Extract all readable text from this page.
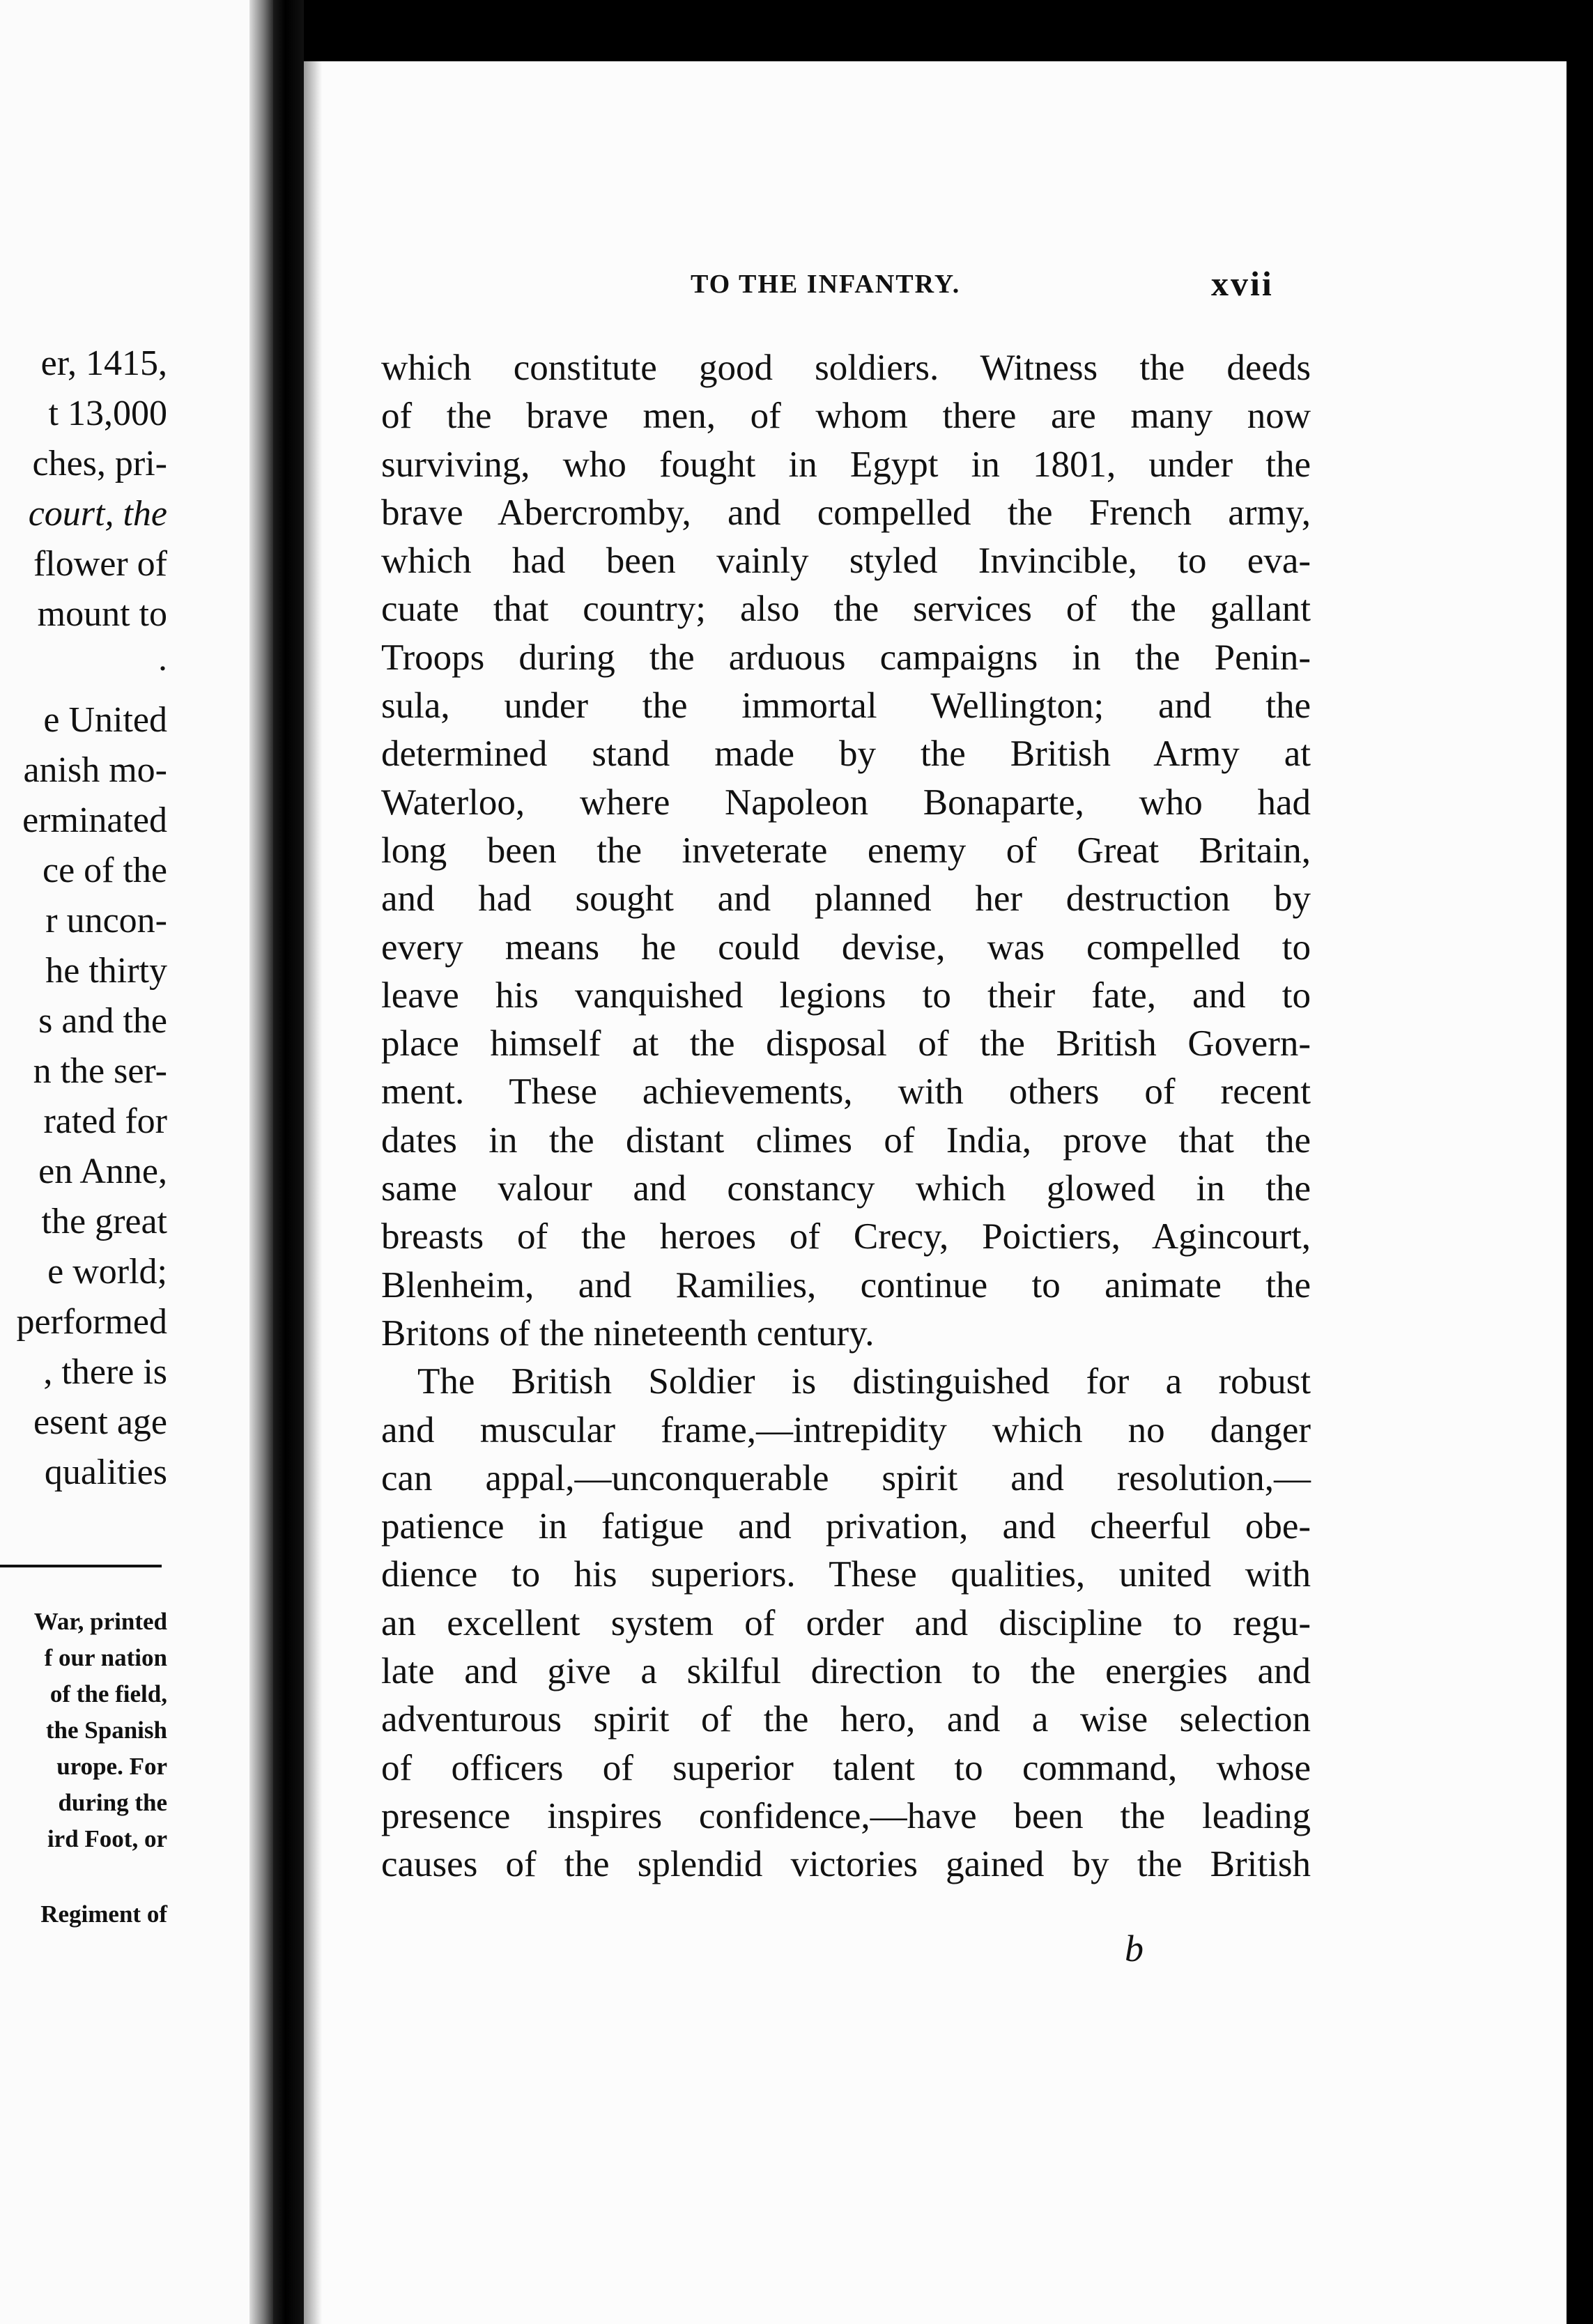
er, 1415,
t 13,000
ches, pri-
court, the
flower of
mount to
.
e United
anish mo-
erminated
ce of the
r uncon-
he thirty
s and the
n the ser-
rated for
en Anne,
the great
e world;
performed
, there is
esent age
qualities
War, printed
f our nation
of the field,
the Spanish
urope. For
during the
ird Foot, or
Regiment of
TO THE INFANTRY.	xvii
which constitute good soldiers. Witness the deeds
of the brave men, of whom there are many now
surviving, who fought in Egypt in 1801, under the
brave Abercromby, and compelled the French army,
which had been vainly styled Invincible, to eva-
cuate that country; also the services of the gallant
Troops during the arduous campaigns in the Penin-
sula, under the immortal Wellington; and the
determined stand made by the British Army at
Waterloo, where Napoleon Bonaparte, who had
long been the inveterate enemy of Great Britain,
and had sought and planned her destruction by
every means he could devise, was compelled to
leave his vanquished legions to their fate, and to
place himself at the disposal of the British Govern-
ment. These achievements, with others of recent
dates in the distant climes of India, prove that the
same valour and constancy which glowed in the
breasts of the heroes of Crecy, Poictiers, Agincourt,
Blenheim, and Ramilies, continue to animate the
Britons of the nineteenth century.
The British Soldier is distinguished for a robust
and muscular frame,—intrepidity which no danger
can appal,—unconquerable spirit and resolution,—
patience in fatigue and privation, and cheerful obe-
dience to his superiors. These qualities, united with
an excellent system of order and discipline to regu-
late and give a skilful direction to the energies and
adventurous spirit of the hero, and a wise selection
of officers of superior talent to command, whose
presence inspires confidence,—have been the leading
causes of the splendid victories gained by the British
b
